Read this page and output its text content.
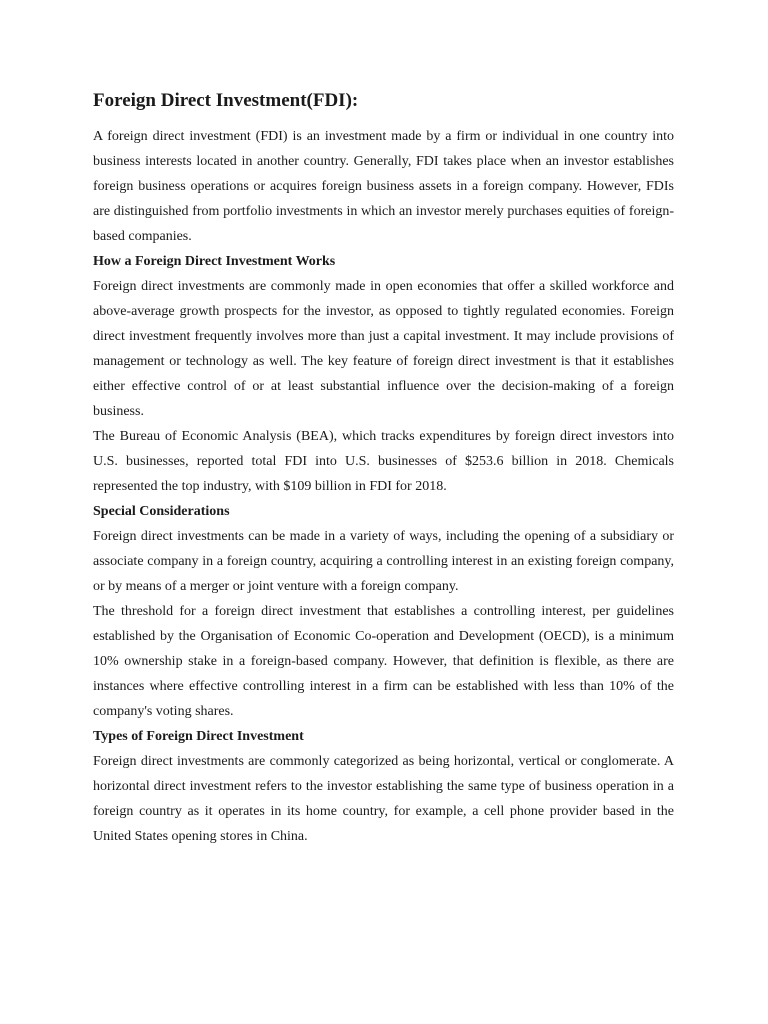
Foreign Direct Investment(FDI):

A foreign direct investment (FDI) is an investment made by a firm or individual in one country into business interests located in another country. Generally, FDI takes place when an investor establishes foreign business operations or acquires foreign business assets in a foreign company. However, FDIs are distinguished from portfolio investments in which an investor merely purchases equities of foreign-based companies.

How a Foreign Direct Investment Works

Foreign direct investments are commonly made in open economies that offer a skilled workforce and above-average growth prospects for the investor, as opposed to tightly regulated economies. Foreign direct investment frequently involves more than just a capital investment. It may include provisions of management or technology as well. The key feature of foreign direct investment is that it establishes either effective control of or at least substantial influence over the decision-making of a foreign business.

The Bureau of Economic Analysis (BEA), which tracks expenditures by foreign direct investors into U.S. businesses, reported total FDI into U.S. businesses of $253.6 billion in 2018. Chemicals represented the top industry, with $109 billion in FDI for 2018.

Special Considerations

Foreign direct investments can be made in a variety of ways, including the opening of a subsidiary or associate company in a foreign country, acquiring a controlling interest in an existing foreign company, or by means of a merger or joint venture with a foreign company.

The threshold for a foreign direct investment that establishes a controlling interest, per guidelines established by the Organisation of Economic Co-operation and Development (OECD), is a minimum 10% ownership stake in a foreign-based company. However, that definition is flexible, as there are instances where effective controlling interest in a firm can be established with less than 10% of the company's voting shares.

Types of Foreign Direct Investment

Foreign direct investments are commonly categorized as being horizontal, vertical or conglomerate. A horizontal direct investment refers to the investor establishing the same type of business operation in a foreign country as it operates in its home country, for example, a cell phone provider based in the United States opening stores in China.
